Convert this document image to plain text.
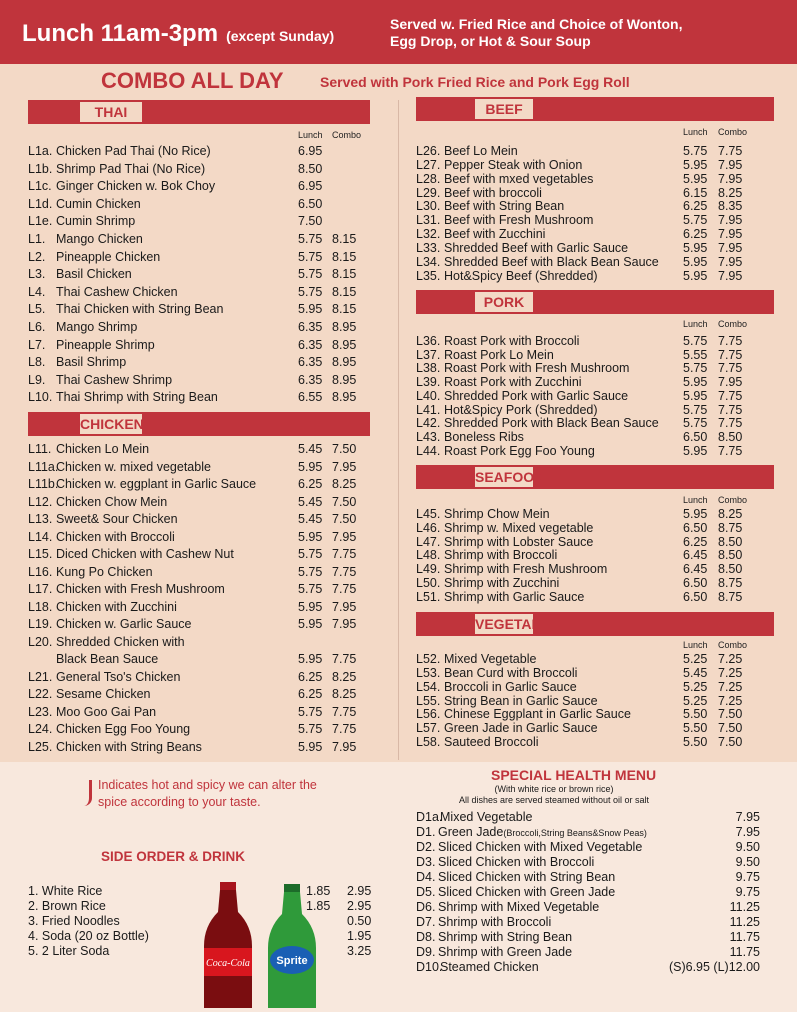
Lunch 11am-3pm (except Sunday)
Served w. Fried Rice and Choice of Wonton,
Egg Drop, or Hot & Sour Soup
COMBO ALL DAY	Served with Pork Fried Rice and Pork Egg Roll
THAI
Lunch Combo
L1a. Chicken Pad Thai (No Rice)	6.95
L1b. Shrimp Pad Thai (No Rice)	8.50
L1c. Ginger Chicken w. Bok Choy	6.95
L1d. Cumin Chicken	6.50
L1e. Cumin Shrimp	7.50
L1. Mango Chicken	5.75 8.15
L2. Pineapple Chicken	5.75 8.15
L3. Basil Chicken	5.75 8.15
L4. Thai Cashew Chicken	5.75 8.15
L5. Thai Chicken with String Bean	5.95 8.15
L6. Mango Shrimp	6.35 8.95
L7. Pineapple Shrimp	6.35 8.95
L8. Basil Shrimp	6.35 8.95
L9. Thai Cashew Shrimp	6.35 8.95
L10. Thai Shrimp with String Bean	6.55 8.95
CHICKEN
L11. Chicken Lo Mein	5.45 7.50
L11a.
Chicken w. mixed vegetable	5.95 7.95
L11b.
Chicken w. eggplant in Garlic Sauce	6.25 8.25
L12. Chicken Chow Mein	5.45 7.50
L13. Sweet& Sour Chicken	5.45 7.50
L14. Chicken with Broccoli	5.95 7.95
L15. Diced Chicken with Cashew Nut	5.75 7.75
L16. Kung Po Chicken	5.75 7.75
L17. Chicken with Fresh Mushroom	5.75 7.75
L18. Chicken with Zucchini	5.95 7.95
L19. Chicken w. Garlic Sauce	5.95 7.95
L20. Shredded Chicken with
Black Bean Sauce	5.95 7.75
L21. General Tso's Chicken	6.25 8.25
L22. Sesame Chicken	6.25 8.25
L23. Moo Goo Gai Pan	5.75 7.75
L24. Chicken Egg Foo Young	5.75 7.75
L25. Chicken with String Beans	5.95 7.95
BEEF
Lunch Combo
L26. Beef Lo Mein	5.75 7.75
L27. Pepper Steak with Onion	5.95 7.95
L28. Beef with mxed vegetables	5.95 7.95
L29. Beef with broccoli	6.15 8.25
L30. Beef with String Bean	6.25 8.35
L31. Beef with Fresh Mushroom	5.75 7.95
L32. Beef with Zucchini	6.25 7.95
L33. Shredded Beef with Garlic Sauce	5.95 7.95
L34. Shredded Beef with Black Bean Sauce 5.95 7.95
L35. Hot&Spicy Beef (Shredded)	5.95 7.95
PORK
Lunch Combo
L36. Roast Pork with Broccoli	5.75 7.75
L37. Roast Pork Lo Mein	5.55 7.75
L38. Roast Pork with Fresh Mushroom	5.75 7.75
L39. Roast Pork with Zucchini	5.95 7.95
L40. Shredded Pork with Garlic Sauce	5.95 7.75
L41. Hot&Spicy Pork (Shredded)	5.75 7.75
L42. Shredded Pork with Black Bean Sauce 5.75 7.75
L43. Boneless Ribs	6.50 8.50
L44. Roast Pork Egg Foo Young	5.95 7.75
SEAFOOD
Lunch Combo
L45. Shrimp Chow Mein	5.95 8.25
L46. Shrimp w. Mixed vegetable	6.50 8.75
L47. Shrimp with Lobster Sauce	6.25 8.50
L48. Shrimp with Broccoli	6.45 8.50
L49. Shrimp with Fresh Mushroom	6.45 8.50
L50. Shrimp with Zucchini	6.50 8.75
L51. Shrimp with Garlic Sauce	6.50 8.75
VEGETABLE
Lunch Combo
L52. Mixed Vegetable	5.25 7.25
L53. Bean Curd with Broccoli	5.45 7.25
L54. Broccoli in Garlic Sauce	5.25 7.25
L55. String Bean in Garlic Sauce	5.25 7.25
L56. Chinese Eggplant in Garlic Sauce	5.50 7.50
L57. Green Jade in Garlic Sauce	5.50 7.50
L58. Sauteed Broccoli	5.50 7.50
Indicates hot and spicy we can alter the
spice according to your taste.
SIDE ORDER & DRINK
1. White Rice	1.85 2.95
2. Brown Rice	1.85 2.95
3. Fried Noodles	0.50
4. Soda (20 oz Bottle)	1.95
5. 2 Liter Soda	3.25
Coca-Cola Sprite
SPECIAL HEALTH MENU
(With white rice or brown rice)
All dishes are served steamed without oil or salt
D1a.
Mixed Vegetable	7.95
D1. Green Jade(Broccoli,String Beans&Snow Peas)	7.95
D2. Sliced Chicken with Mixed Vegetable	9.50
D3. Sliced Chicken with Broccoli	9.50
D4. Sliced Chicken with String Bean	9.75
D5. Sliced Chicken with Green Jade	9.75
D6. Shrimp with Mixed Vegetable	11.25
D7. Shrimp with Broccoli	11.25
D8. Shrimp with String Bean	11.75
D9. Shrimp with Green Jade	11.75
D10.
Steamed Chicken	(S)6.95 (L)12.00
